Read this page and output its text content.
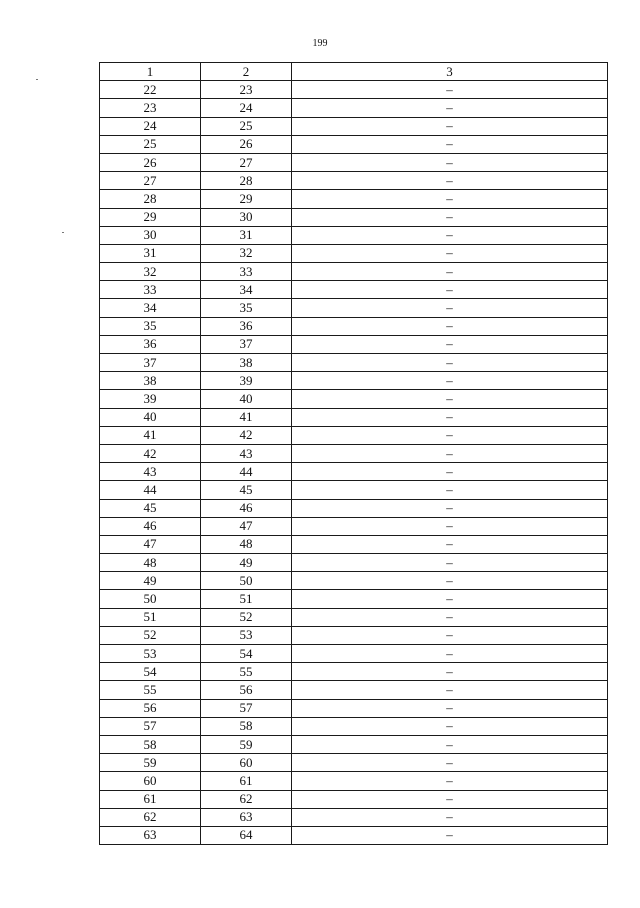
199
1	2	3
22	23	–
23	24	–
24	25	–
25	26	–
26	27	–
27	28	–
28	29	–
29	30	–
30	31	–
31	32	–
32	33	–
33	34	–
34	35	–
35	36	–
36	37	–
37	38	–
38	39	–
39	40	–
40	41	–
41	42	–
42	43	–
43	44	–
44	45	–
45	46	–
46	47	–
47	48	–
48	49	–
49	50	–
50	51	–
51	52	–
52	53	–
53	54	–
54	55	–
55	56	–
56	57	–
57	58	–
58	59	–
59	60	–
60	61	–
61	62	–
62	63	–
63	64	–
